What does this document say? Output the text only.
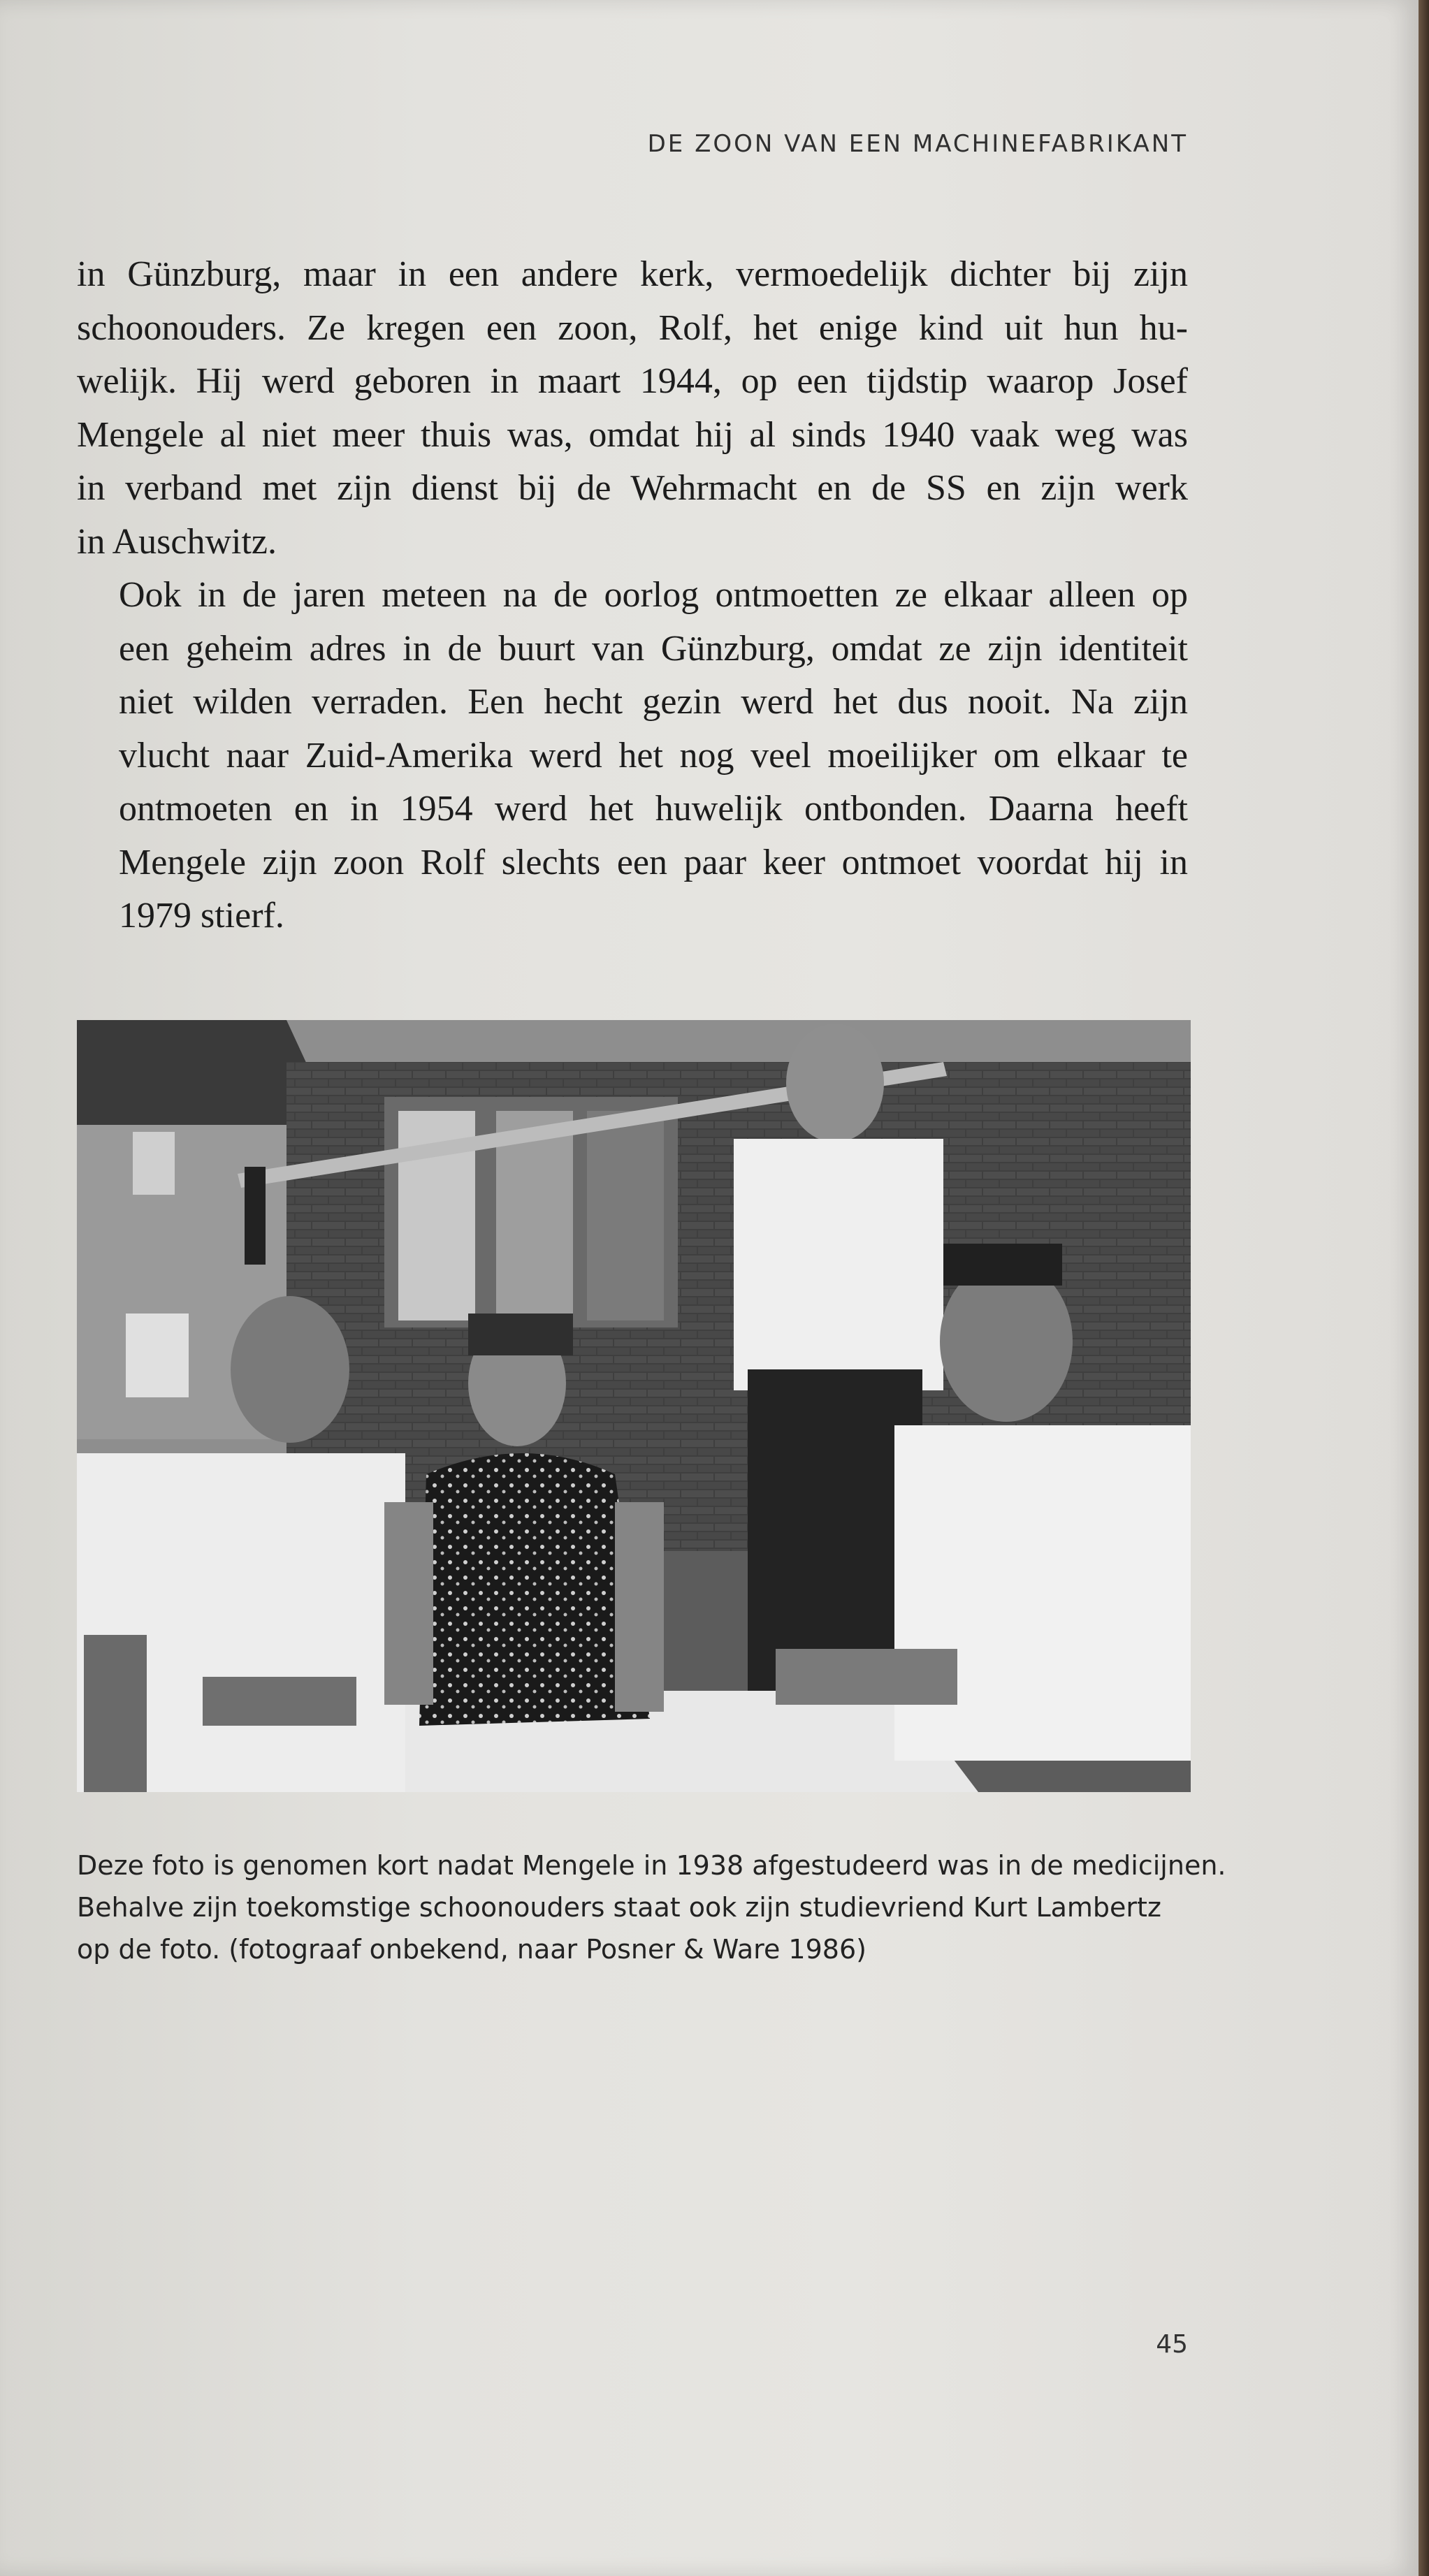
DE ZOON VAN EEN MACHINEFABRIKANT

in Günzburg, maar in een andere kerk, vermoedelijk dichter bij zijn
schoonouders. Ze kregen een zoon, Rolf, het enige kind uit hun hu-
welijk. Hij werd geboren in maart 1944, op een tijdstip waarop Josef
Mengele al niet meer thuis was, omdat hij al sinds 1940 vaak weg was
in verband met zijn dienst bij de Wehrmacht en de SS en zijn werk
in Auschwitz.

Ook in de jaren meteen na de oorlog ontmoetten ze elkaar alleen op
een geheim adres in de buurt van Günzburg, omdat ze zijn identiteit
niet wilden verraden. Een hecht gezin werd het dus nooit. Na zijn
vlucht naar Zuid-Amerika werd het nog veel moeilijker om elkaar te
ontmoeten en in 1954 werd het huwelijk ontbonden. Daarna heeft
Mengele zijn zoon Rolf slechts een paar keer ontmoet voordat hij in
1979 stierf.

Deze foto is genomen kort nadat Mengele in 1938 afgestudeerd was in de medicijnen.
Behalve zijn toekomstige schoonouders staat ook zijn studievriend Kurt Lambertz
op de foto. (fotograaf onbekend, naar Posner & Ware 1986)
45
